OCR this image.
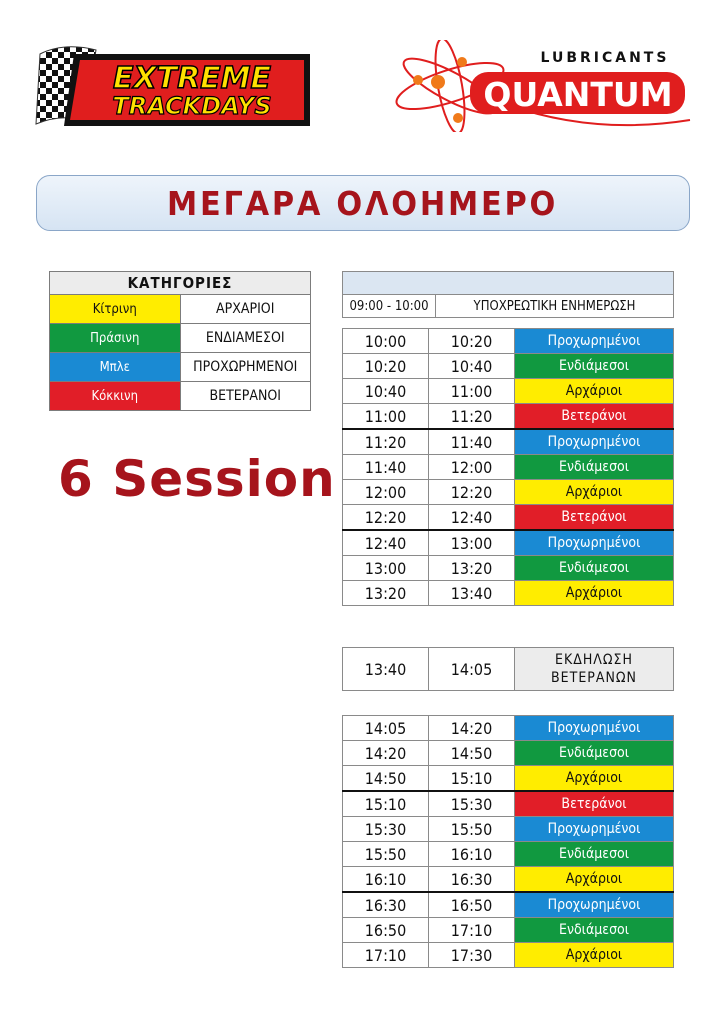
EXTREME
TRACKDAYS
LUBRICANTS
QUANTUM
ΜΕΓΑΡΑ ΟΛΟΗΜΕΡΟ
ΚΑΤΗΓΟΡΙΕΣ	
Κίτρινη	ΑΡΧΑΡΙΟΙ
Πράσινη	ΕΝΔΙΑΜΕΣΟΙ
Μπλε	ΠΡΟΧΩΡΗΜΕΝΟΙ
Κόκκινη	ΒΕΤΕΡΑΝΟΙ
6 Session

09:00 - 10:00	ΥΠΟΧΡΕΩΤΙΚΗ ΕΝΗΜΕΡΩΣΗ
10:00	10:20	Προχωρημένοι
10:20	10:40	Ενδιάμεσοι
10:40	11:00	Αρχάριοι
11:00	11:20	Βετεράνοι
11:20	11:40	Προχωρημένοι
11:40	12:00	Ενδιάμεσοι
12:00	12:20	Αρχάριοι
12:20	12:40	Βετεράνοι
12:40	13:00	Προχωρημένοι
13:00	13:20	Ενδιάμεσοι
13:20	13:40	Αρχάριοι
13:40	14:05	ΕΚΔΗΛΩΣΗ
ΒΕΤΕΡΑΝΩΝ
14:05	14:20	Προχωρημένοι
14:20	14:50	Ενδιάμεσοι
14:50	15:10	Αρχάριοι
15:10	15:30	Βετεράνοι
15:30	15:50	Προχωρημένοι
15:50	16:10	Ενδιάμεσοι
16:10	16:30	Αρχάριοι
16:30	16:50	Προχωρημένοι
16:50	17:10	Ενδιάμεσοι
17:10	17:30	Αρχάριοι
